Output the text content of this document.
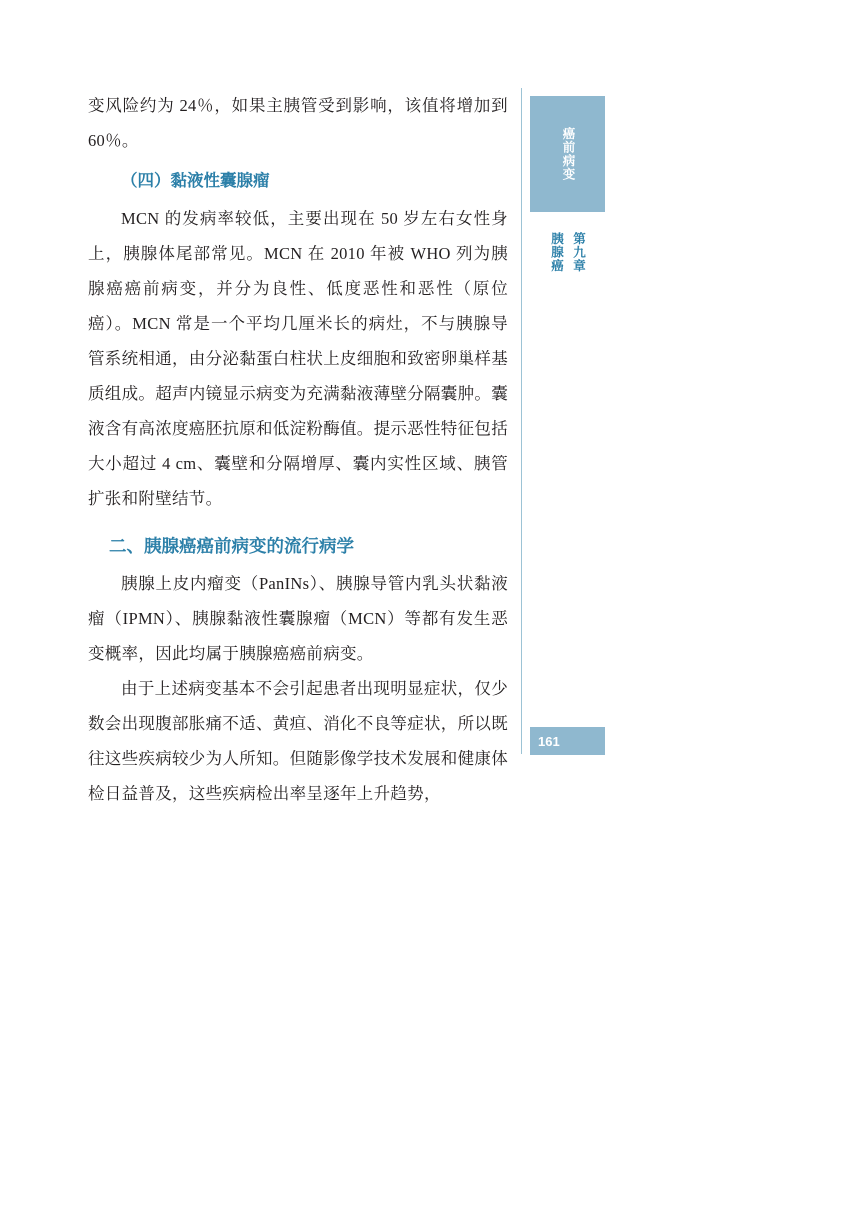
变风险约为 24％，如果主胰管受到影响，该值将增加到 60％。

（四）黏液性囊腺瘤

MCN 的发病率较低，主要出现在 50 岁左右女性身上，胰腺体尾部常见。MCN 在 2010 年被 WHO 列为胰腺癌癌前病变，并分为良性、低度恶性和恶性（原位癌）。MCN 常是一个平均几厘米长的病灶，不与胰腺导管系统相通，由分泌黏蛋白柱状上皮细胞和致密卵巢样基质组成。超声内镜显示病变为充满黏液薄壁分隔囊肿。囊液含有高浓度癌胚抗原和低淀粉酶值。提示恶性特征包括大小超过 4 cm、囊壁和分隔增厚、囊内实性区域、胰管扩张和附壁结节。

二、胰腺癌癌前病变的流行病学

胰腺上皮内瘤变（PanINs）、胰腺导管内乳头状黏液瘤（IPMN）、胰腺黏液性囊腺瘤（MCN）等都有发生恶变概率，因此均属于胰腺癌癌前病变。

由于上述病变基本不会引起患者出现明显症状，仅少数会出现腹部胀痛不适、黄疸、消化不良等症状，所以既往这些疾病较少为人所知。但随影像学技术发展和健康体检日益普及，这些疾病检出率呈逐年上升趋势，

癌前病变
胰腺癌 第九章
161
